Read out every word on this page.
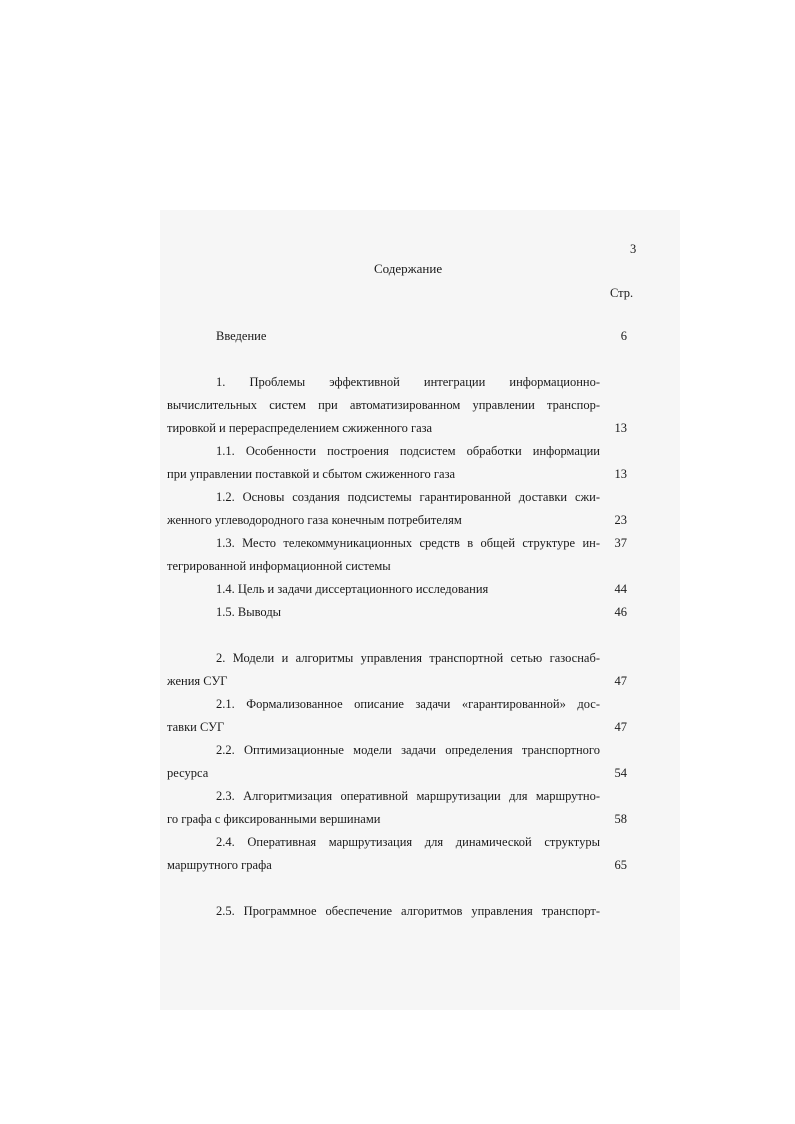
3
Содержание
Стр.
Введение	6
1. Проблемы эффективной интеграции информационно-
вычислительных систем при автоматизированном управлении транспор-
тировкой и перераспределением сжиженного газа	13
1.1. Особенности построения подсистем обработки информации
при управлении поставкой и сбытом сжиженного газа	13
1.2. Основы создания подсистемы гарантированной доставки сжи-
женного углеводородного газа конечным потребителям	23
1.3. Место телекоммуникационных средств в общей структуре ин-	37
тегрированной информационной системы
1.4. Цель и задачи диссертационного исследования	44
1.5. Выводы	46
2. Модели и алгоритмы управления транспортной сетью газоснаб-
жения СУГ	47
2.1. Формализованное описание задачи «гарантированной» дос-
тавки СУГ	47
2.2. Оптимизационные модели задачи определения транспортного
ресурса	54
2.3. Алгоритмизация оперативной маршрутизации для маршрутно-
го графа с фиксированными вершинами	58
2.4. Оперативная маршрутизация для динамической структуры
маршрутного графа	65
2.5. Программное обеспечение алгоритмов управления транспорт-
